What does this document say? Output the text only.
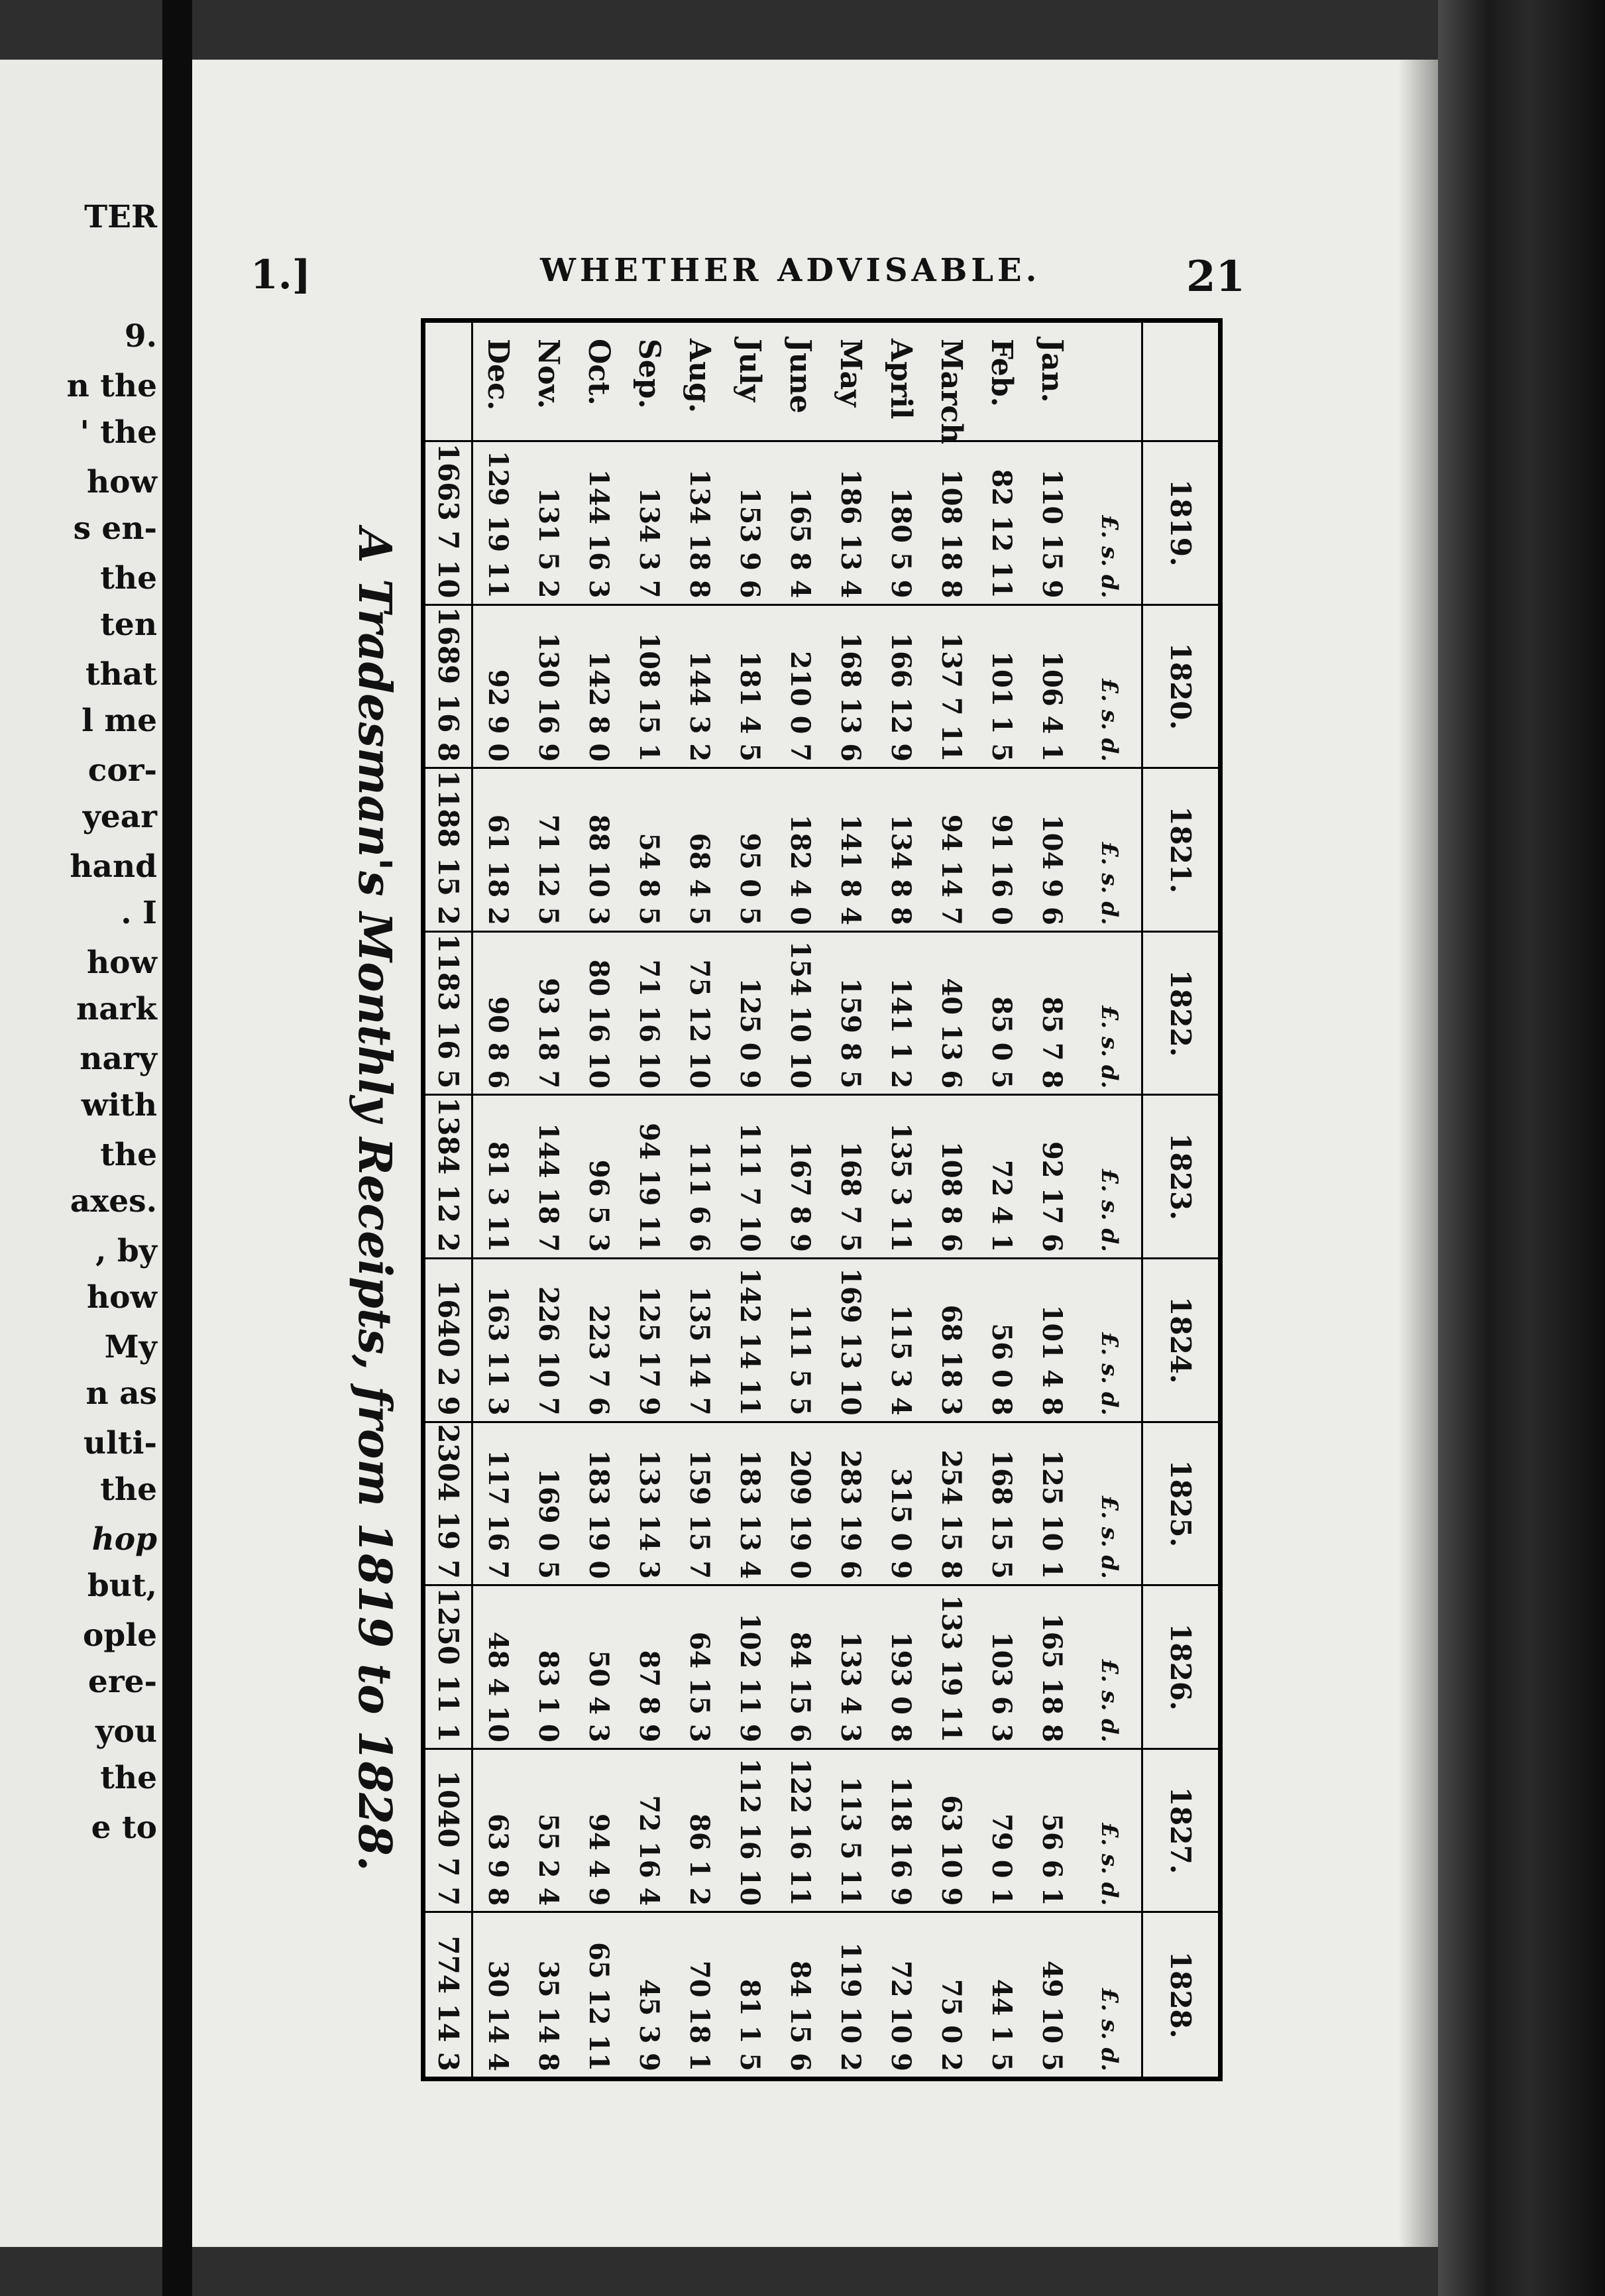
TER
9.
n the
' the
how
s en-
the
ten
that
l me
cor-
year
hand
. I
how
nark
nary
with
the
axes.
, by
how
My
n as
ulti-
the
hop
but,
ople
ere-
you
the
e to
1.]	WHETHER ADVISABLE.	21
1819.
1820.
1821.
1822.
1823.
1824.
1825.
1826.
1827.
1828.
£. s. d.
£. s. d.
£. s. d.
£. s. d.
£. s. d.
£. s. d.
£. s. d.
£. s. d.
£. s. d.
£. s. d.
Jan.
110 15 9
106 4 1
104 9 6
85 7 8
92 17 6
101 4 8
125 10 1
165 18 8
56 6 1
49 10 5
Feb.
82 12 11
101 1 5
91 16 0
85 0 5
72 4 1
56 0 8
168 15 5
103 6 3
79 0 1
44 1 5
March
108 18 8
137 7 11
94 14 7
40 13 6
108 8 6
68 18 3
254 15 8
133 19 11
63 10 9
75 0 2
April
180 5 9
166 12 9
134 8 8
141 1 2
135 3 11
115 3 4
315 0 9
193 0 8
118 16 9
72 10 9
May
186 13 4
168 13 6
141 8 4
159 8 5
168 7 5
169 13 10
283 19 6
133 4 3
113 5 11
119 10 2
June
165 8 4
210 0 7
182 4 0
154 10 10
167 8 9
111 5 5
209 19 0
84 15 6
122 16 11
84 15 6
July
153 9 6
181 4 5
95 0 5
125 0 9
111 7 10
142 14 11
183 13 4
102 11 9
112 16 10
81 1 5
Aug.
134 18 8
144 3 2
68 4 5
75 12 10
111 6 6
135 14 7
159 15 7
64 15 3
86 1 2
70 18 1
Sep.
134 3 7
108 15 1
54 8 5
71 16 10
94 19 11
125 17 9
133 14 3
87 8 9
72 16 4
45 3 9
Oct.
144 16 3
142 8 0
88 10 3
80 16 10
96 5 3
223 7 6
183 19 0
50 4 3
94 4 9
65 12 11
Nov.
131 5 2
130 16 9
71 12 5
93 18 7
144 18 7
226 10 7
169 0 5
83 1 0
55 2 4
35 14 8
Dec.
129 19 11
92 9 0
61 18 2
90 8 6
81 3 11
163 11 3
117 16 7
48 4 10
63 9 8
30 14 4
1663 7 10
1689 16 8
1188 15 2
1183 16 5
1384 12 2
1640 2 9
2304 19 7
1250 11 1
1040 7 7
774 14 3
A Tradesman's Monthly Receipts, from 1819 to 1828.
